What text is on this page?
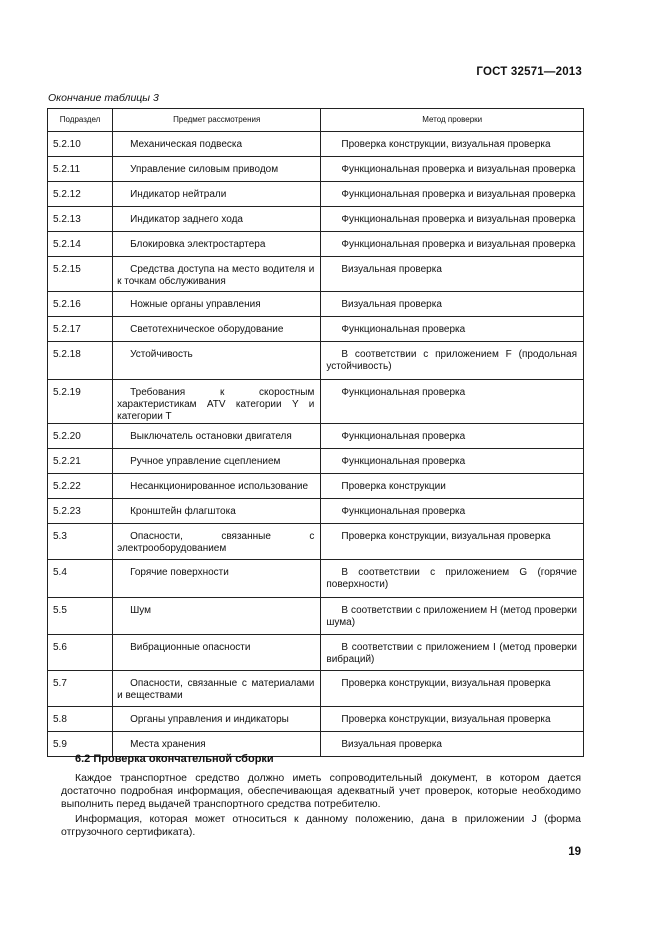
ГОСТ 32571—2013
Окончание таблицы 3
Подраздел	Предмет рассмотрения	Метод проверки
5.2.10	Механическая подвеска	Проверка конструкции, визуальная проверка
5.2.11	Управление силовым приводом	Функциональная проверка и визуальная проверка
5.2.12	Индикатор нейтрали	Функциональная проверка и визуальная проверка
5.2.13	Индикатор заднего хода	Функциональная проверка и визуальная проверка
5.2.14	Блокировка электростартера	Функциональная проверка и визуальная проверка
5.2.15	Средства доступа на место водителя и к точкам обслуживания	Визуальная проверка
5.2.16	Ножные органы управления	Визуальная проверка
5.2.17	Светотехническое оборудование	Функциональная проверка
5.2.18	Устойчивость	В соответствии с приложением F (продольная устойчивость)
5.2.19	Требования к скоростным характеристикам ATV категории Y и категории T	Функциональная проверка
5.2.20	Выключатель остановки двигателя	Функциональная проверка
5.2.21	Ручное управление сцеплением	Функциональная проверка
5.2.22	Несанкционированное использование	Проверка конструкции
5.2.23	Кронштейн флагштока	Функциональная проверка
5.3	Опасности, связанные с электрооборудованием	Проверка конструкции, визуальная проверка
5.4	Горячие поверхности	В соответствии с приложением G (горячие поверхности)
5.5	Шум	В соответствии с приложением H (метод проверки шума)
5.6	Вибрационные опасности	В соответствии с приложением I (метод проверки вибраций)
5.7	Опасности, связанные с материалами и веществами	Проверка конструкции, визуальная проверка
5.8	Органы управления и индикаторы	Проверка конструкции, визуальная проверка
5.9	Места хранения	Визуальная проверка
6.2 Проверка окончательной сборки
Каждое транспортное средство должно иметь сопроводительный документ, в котором дается достаточно подробная информация, обеспечивающая адекватный учет проверок, которые необходимо выполнить перед выдачей транспортного средства потребителю.
Информация, которая может относиться к данному положению, дана в приложении J (форма отгрузочного сертификата).
19
